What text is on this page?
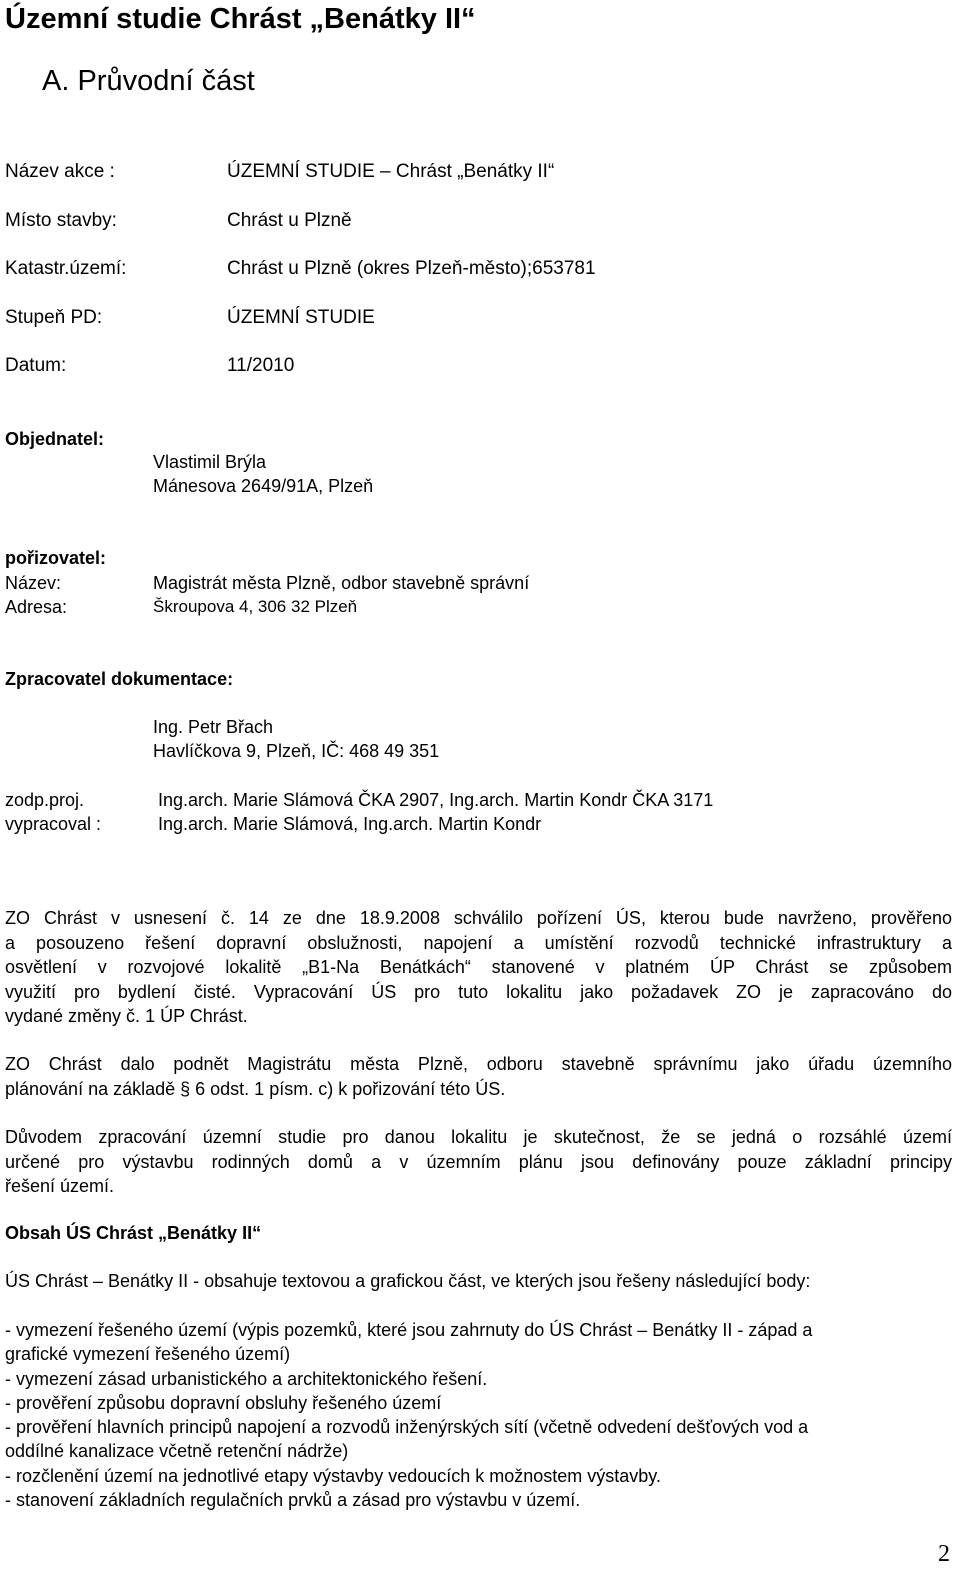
Územní studie Chrást „Benátky II“
A. Průvodní část
Název akce :	ÚZEMNÍ STUDIE – Chrást „Benátky II“
Místo stavby:	Chrást u Plzně
Katastr.území:	Chrást u Plzně (okres Plzeň-město);653781
Stupeň PD:	ÚZEMNÍ STUDIE
Datum:	11/2010
Objednatel:
Vlastimil Brýla
Mánesova 2649/91A, Plzeň
pořizovatel:
Název:	Magistrát města Plzně, odbor stavebně správní
Adresa:	Škroupova 4, 306 32 Plzeň
Zpracovatel dokumentace:
Ing. Petr Břach
Havlíčkova 9, Plzeň, IČ: 468 49 351
zodp.proj.	Ing.arch. Marie Slámová ČKA 2907, Ing.arch. Martin Kondr ČKA 3171
vypracoval :	Ing.arch. Marie Slámová, Ing.arch. Martin Kondr
ZO Chrást v usnesení č. 14 ze dne 18.9.2008 schválilo pořízení ÚS, kterou bude navrženo, prověřeno
a posouzeno řešení dopravní obslužnosti, napojení a umístění rozvodů technické infrastruktury a
osvětlení v rozvojové lokalitě „B1-Na Benátkách“ stanovené v platném ÚP Chrást se způsobem
využití pro bydlení čisté. Vypracování ÚS pro tuto lokalitu jako požadavek ZO je zapracováno do
vydané změny č. 1 ÚP Chrást.
ZO Chrást dalo podnět Magistrátu města Plzně, odboru stavebně správnímu jako úřadu územního
plánování na základě § 6 odst. 1 písm. c) k pořizování této ÚS.
Důvodem zpracování územní studie pro danou lokalitu je skutečnost, že se jedná o rozsáhlé území
určené pro výstavbu rodinných domů a v územním plánu jsou definovány pouze základní principy
řešení území.
Obsah ÚS Chrást „Benátky II“
ÚS Chrást – Benátky II - obsahuje textovou a grafickou část, ve kterých jsou řešeny následující body:
- vymezení řešeného území (výpis pozemků, které jsou zahrnuty do ÚS Chrást – Benátky II - západ a
grafické vymezení řešeného území)
- vymezení zásad urbanistického a architektonického řešení.
- prověření způsobu dopravní obsluhy řešeného území
- prověření hlavních principů napojení a rozvodů inženýrských sítí (včetně odvedení dešťových vod a
oddílné kanalizace včetně retenční nádrže)
- rozčlenění území na jednotlivé etapy výstavby vedoucích k možnostem výstavby.
- stanovení základních regulačních prvků a zásad pro výstavbu v území.
2
